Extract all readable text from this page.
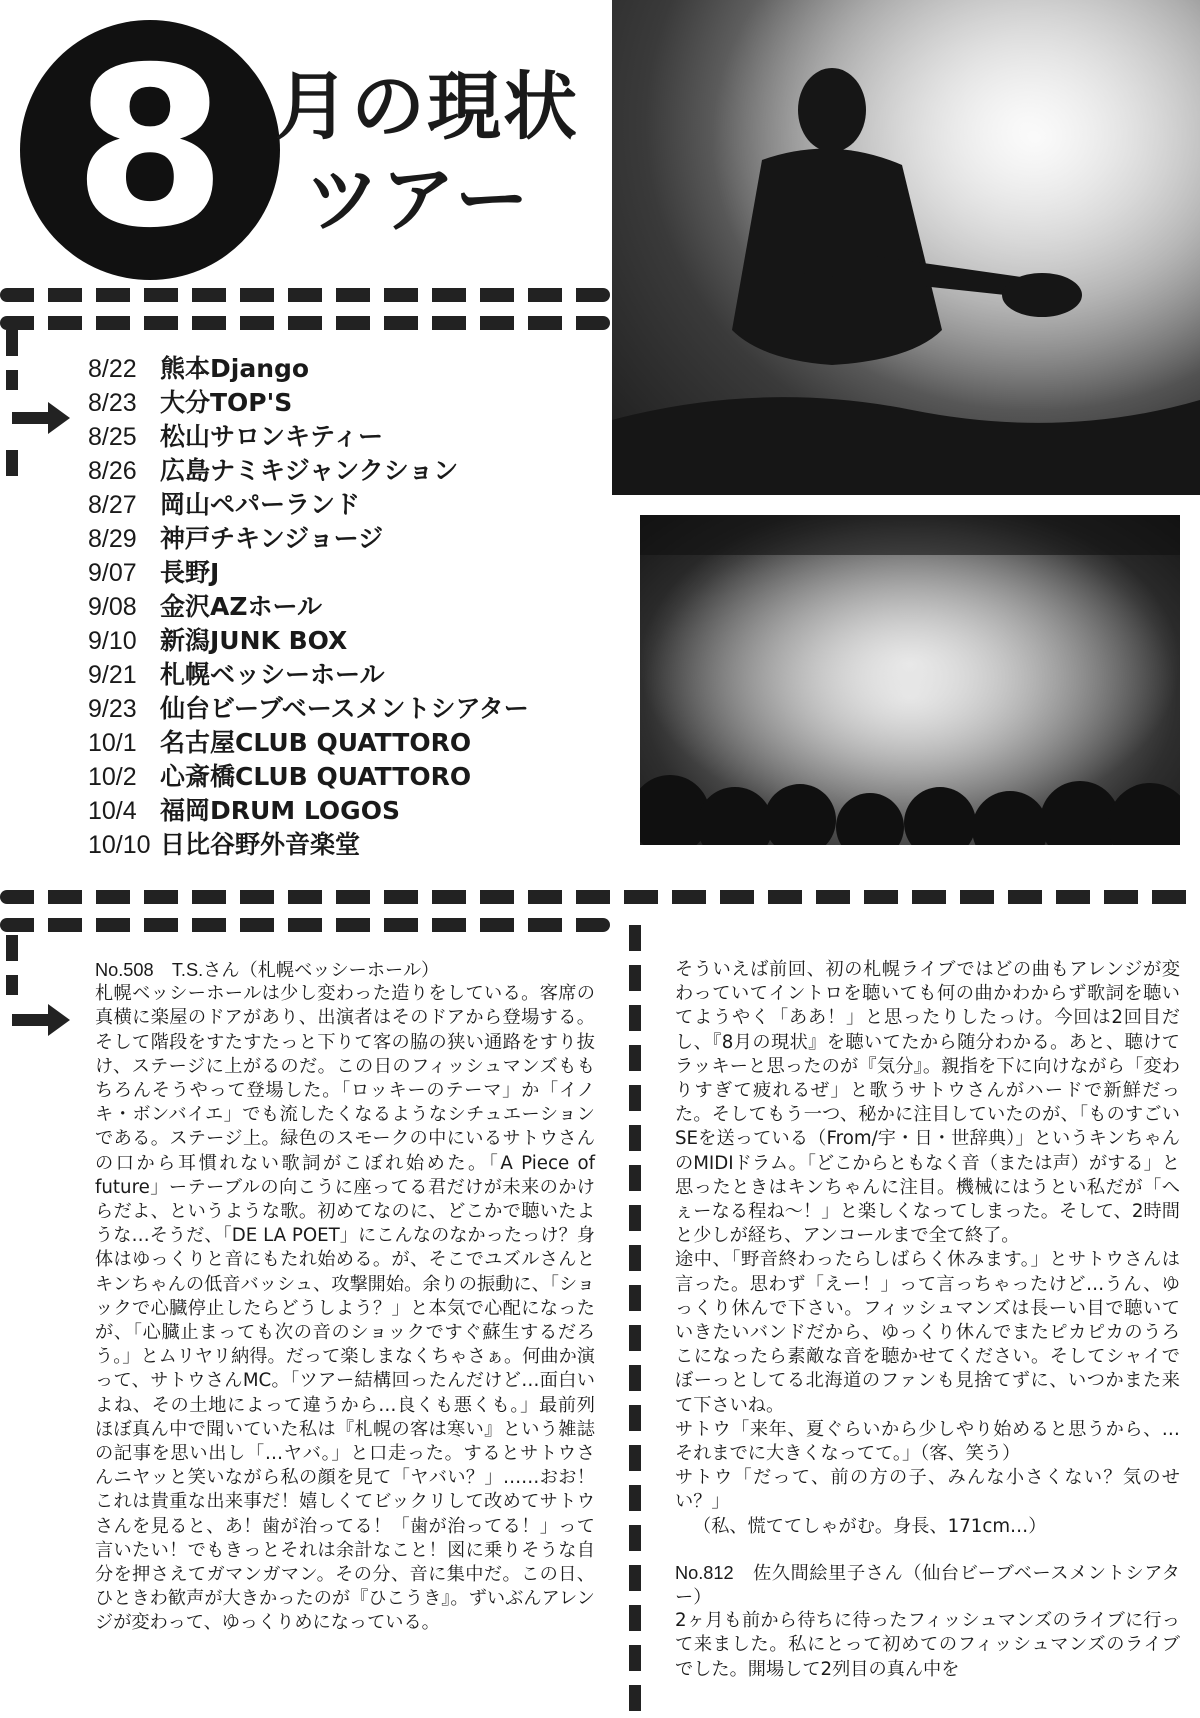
8 月の現状
ツアー
8/22 熊本Django
8/23 大分TOP'S
8/25 松山サロンキティー
8/26 広島ナミキジャンクション
8/27 岡山ペパーランド
8/29 神戸チキンジョージ
9/07 長野J
9/08 金沢AZホール
9/10 新潟JUNK BOX
9/21 札幌ベッシーホール
9/23 仙台ビーブベースメントシアター
10/1 名古屋CLUB QUATTORO
10/2 心斎橋CLUB QUATTORO
10/4 福岡DRUM LOGOS
10/10 日比谷野外音楽堂

No.508　T.S.さん（札幌ベッシーホール）

札幌ベッシーホールは少し変わった造りをしている。客席の真横に楽屋のドアがあり、出演者はそのドアから登場する。そして階段をすたすたっと下りて客の脇の狭い通路をすり抜け、ステージに上がるのだ。この日のフィッシュマンズももちろんそうやって登場した。「ロッキーのテーマ」か「イノキ・ボンバイエ」でも流したくなるようなシチュエーションである。ステージ上。緑色のスモークの中にいるサトウさんの口から耳慣れない歌詞がこぼれ始めた。「A Piece of future」ーテーブルの向こうに座ってる君だけが未来のかけらだよ、というような歌。初めてなのに、どこかで聴いたような…そうだ、「DE LA POET」にこんなのなかったっけ？身体はゆっくりと音にもたれ始める。が、そこでユズルさんとキンちゃんの低音バッシュ、攻撃開始。余りの振動に、「ショックで心臓停止したらどうしよう？」と本気で心配になったが、「心臓止まっても次の音のショックですぐ蘇生するだろう。」とムリヤリ納得。だって楽しまなくちゃさぁ。何曲か演って、サトウさんMC。「ツアー結構回ったんだけど…面白いよね、その土地によって違うから…良くも悪くも。」最前列ほぼ真ん中で聞いていた私は『札幌の客は寒い』という雑誌の記事を思い出し「…ヤバ。」と口走った。するとサトウさんニヤッと笑いながら私の顔を見て「ヤバい？」……おお！これは貴重な出来事だ！嬉しくてビックリして改めてサトウさんを見ると、あ！歯が治ってる！「歯が治ってる！」って言いたい！でもきっとそれは余計なこと！図に乗りそうな自分を押さえてガマンガマン。その分、音に集中だ。この日、ひときわ歓声が大きかったのが『ひこうき』。ずいぶんアレンジが変わって、ゆっくりめになっている。

そういえば前回、初の札幌ライブではどの曲もアレンジが変わっていてイントロを聴いても何の曲かわからず歌詞を聴いてようやく「ああ！」と思ったりしたっけ。今回は2回目だし、『8月の現状』を聴いてたから随分わかる。あと、聴けてラッキーと思ったのが『気分』。親指を下に向けながら「変わりすぎて疲れるぜ」と歌うサトウさんがハードで新鮮だった。そしてもう一つ、秘かに注目していたのが、「ものすごいSEを送っている（From/宇・日・世辞典）」というキンちゃんのMIDIドラム。「どこからともなく音（または声）がする」と思ったときはキンちゃんに注目。機械にはうとい私だが「へぇーなる程ね〜！」と楽しくなってしまった。そして、2時間と少しが経ち、アンコールまで全て終了。

途中、「野音終わったらしばらく休みます。」とサトウさんは言った。思わず「えー！」って言っちゃったけど…うん、ゆっくり休んで下さい。フィッシュマンズは長ーい目で聴いていきたいバンドだから、ゆっくり休んでまたピカピカのうろこになったら素敵な音を聴かせてください。そしてシャイでぼーっとしてる北海道のファンも見捨てずに、いつかまた来て下さいね。

サトウ「来年、夏ぐらいから少しやり始めると思うから、…それまでに大きくなってて。」（客、笑う）

サトウ「だって、前の方の子、みんな小さくない？気のせい？」

（私、慌ててしゃがむ。身長、171cm…）

No.812　佐久間絵里子さん（仙台ビーブベースメントシアター）

2ヶ月も前から待ちに待ったフィッシュマンズのライブに行って来ました。私にとって初めてのフィッシュマンズのライブでした。開場して2列目の真ん中を
